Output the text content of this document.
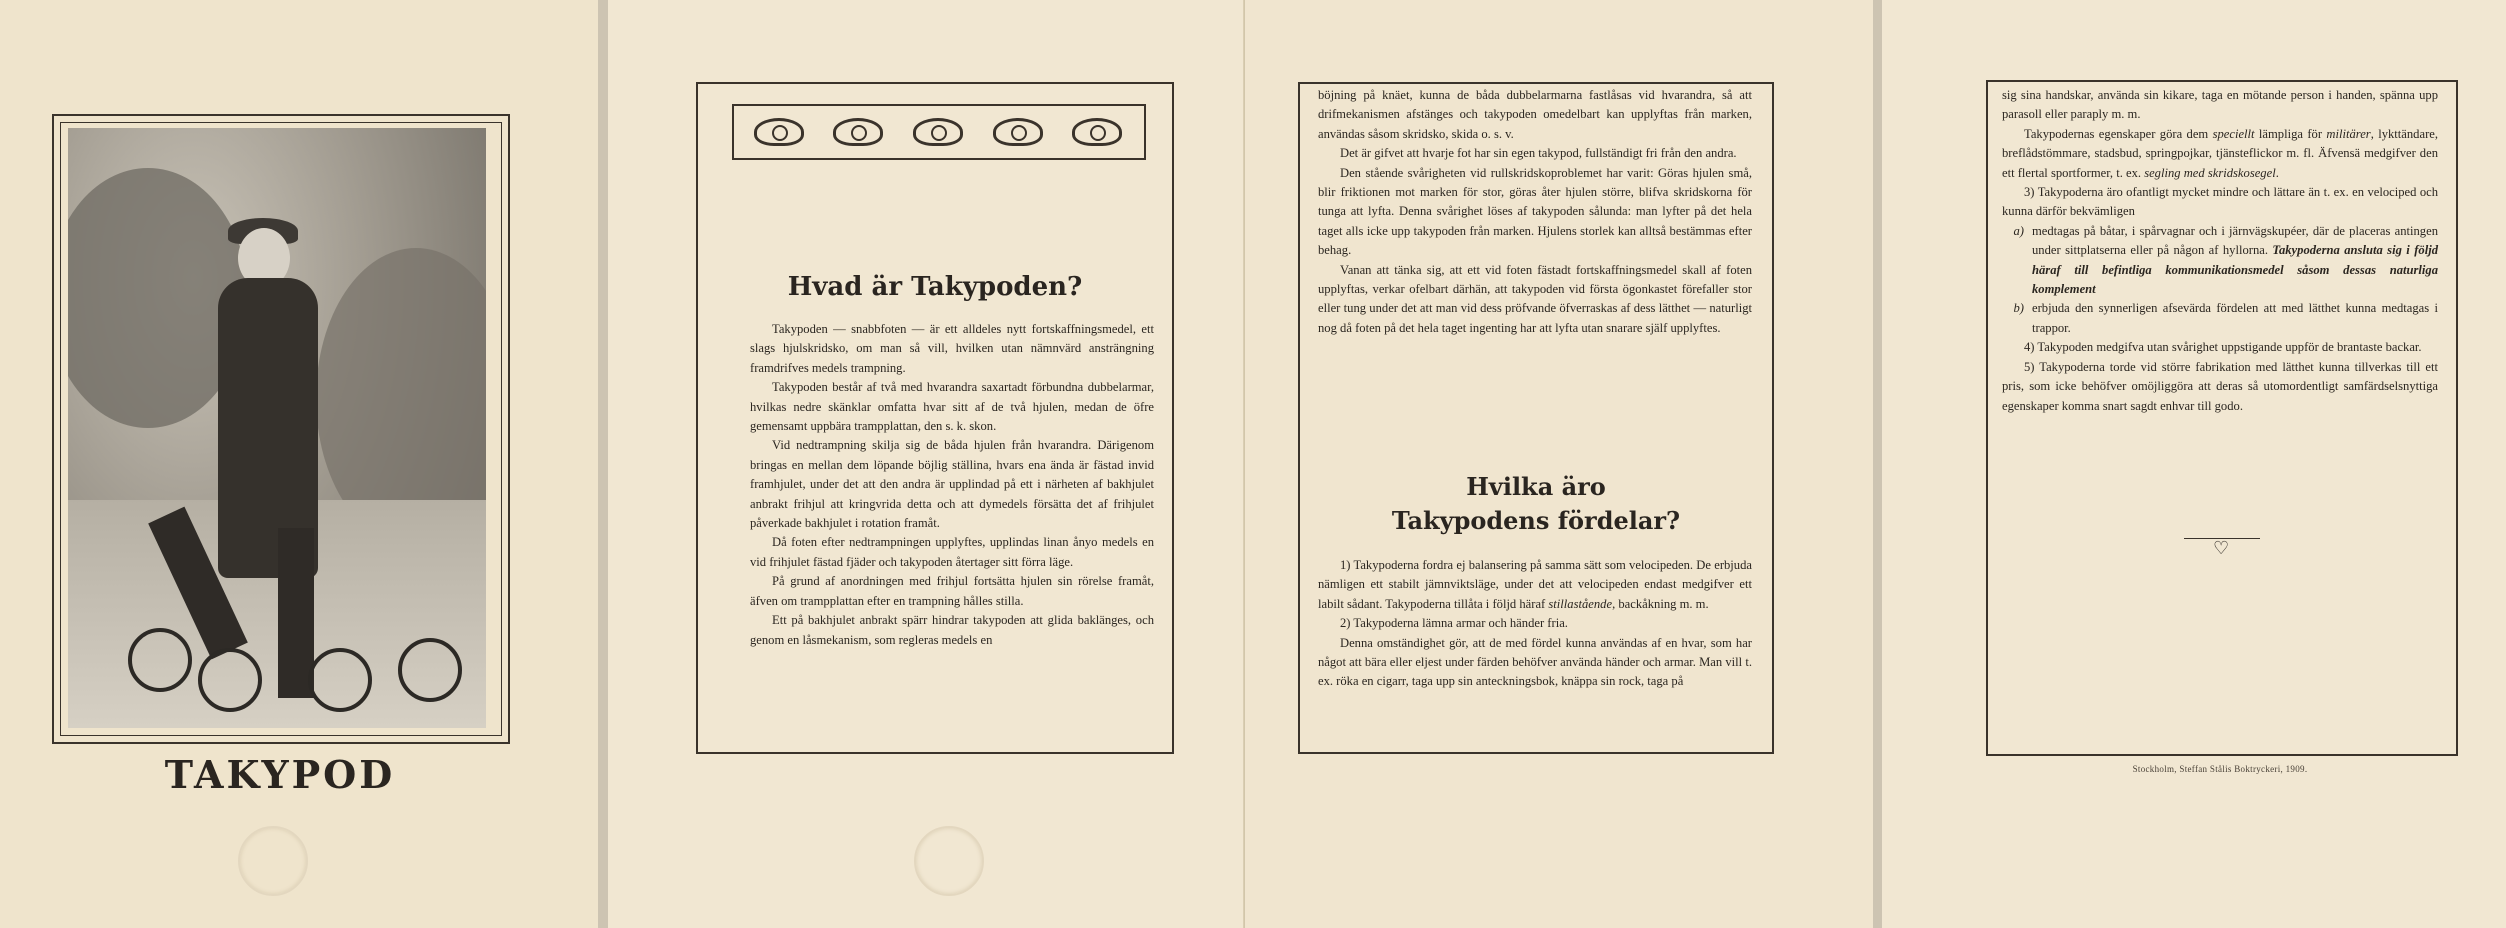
TAKYPOD
Hvad är Takypoden?

Takypoden — snabbfoten — är ett alldeles nytt fortskaffningsmedel, ett slags hjulskridsko, om man så vill, hvilken utan nämnvärd ansträngning framdrifves medels trampning.

Takypoden består af två med hvarandra saxartadt förbundna dubbelarmar, hvilkas nedre skänklar omfatta hvar sitt af de två hjulen, medan de öfre gemensamt uppbära trampplattan, den s. k. skon.

Vid nedtrampning skilja sig de båda hjulen från hvarandra. Därigenom bringas en mellan dem löpande böjlig ställina, hvars ena ända är fästad invid framhjulet, under det att den andra är upplindad på ett i närheten af bakhjulet anbrakt frihjul att kringvrida detta och att dymedels försätta det af frihjulet påverkade bakhjulet i rotation framåt.

Då foten efter nedtrampningen upplyftes, upplindas linan ånyo medels en vid frihjulet fästad fjäder och takypoden återtager sitt förra läge.

På grund af anordningen med frihjul fortsätta hjulen sin rörelse framåt, äfven om trampplattan efter en trampning hålles stilla.

Ett på bakhjulet anbrakt spärr hindrar takypoden att glida baklänges, och genom en låsmekanism, som regleras medels en

böjning på knäet, kunna de båda dubbelarmarna fastlåsas vid hvarandra, så att drifmekanismen afstänges och takypoden omedelbart kan upplyftas från marken, användas såsom skridsko, skida o. s. v.

Det är gifvet att hvarje fot har sin egen takypod, fullständigt fri från den andra.

Den stående svårigheten vid rullskridskoproblemet har varit: Göras hjulen små, blir friktionen mot marken för stor, göras åter hjulen större, blifva skridskorna för tunga att lyfta. Denna svårighet löses af takypoden sålunda: man lyfter på det hela taget alls icke upp takypoden från marken. Hjulens storlek kan alltså bestämmas efter behag.

Vanan att tänka sig, att ett vid foten fästadt fortskaffningsmedel skall af foten upplyftas, verkar ofelbart därhän, att takypoden vid första ögonkastet förefaller stor eller tung under det att man vid dess pröfvande öfverraskas af dess lätthet — naturligt nog då foten på det hela taget ingenting har att lyfta utan snarare själf upplyftes.

Hvilka äro
Takypodens fördelar?

1) Takypoderna fordra ej balansering på samma sätt som velocipeden. De erbjuda nämligen ett stabilt jämnviktsläge, under det att velocipeden endast medgifver ett labilt sådant. Takypoderna tillåta i följd häraf stillastående, backåkning m. m.

2) Takypoderna lämna armar och händer fria.

Denna omständighet gör, att de med fördel kunna användas af en hvar, som har något att bära eller eljest under färden behöfver använda händer och armar. Man vill t. ex. röka en cigarr, taga upp sin anteckningsbok, knäppa sin rock, taga på

sig sina handskar, använda sin kikare, taga en mötande person i handen, spänna upp parasoll eller paraply m. m.

Takypodernas egenskaper göra dem speciellt lämpliga för militärer, lykttändare, breflådstömmare, stadsbud, springpojkar, tjänsteflickor m. fl. Äfvensä medgifver den ett flertal sportformer, t. ex. segling med skridskosegel.

3) Takypoderna äro ofantligt mycket mindre och lättare än t. ex. en velociped och kunna därför bekvämligen

a) medtagas på båtar, i spårvagnar och i järnvägskupéer, där de placeras antingen under sittplatserna eller på någon af hyllorna. Takypoderna ansluta sig i följd häraf till befintliga kommunikationsmedel såsom dessas naturliga komplement
b) erbjuda den synnerligen afsevärda fördelen att med lätthet kunna medtagas i trappor.

4) Takypoden medgifva utan svårighet uppstigande uppför de brantaste backar.

5) Takypoderna torde vid större fabrikation med lätthet kunna tillverkas till ett pris, som icke behöfver omöjliggöra att deras så utomordentligt samfärdselsnyttiga egenskaper komma snart sagdt enhvar till godo.

♡
Stockholm, Steffan Stålis Boktryckeri, 1909.
